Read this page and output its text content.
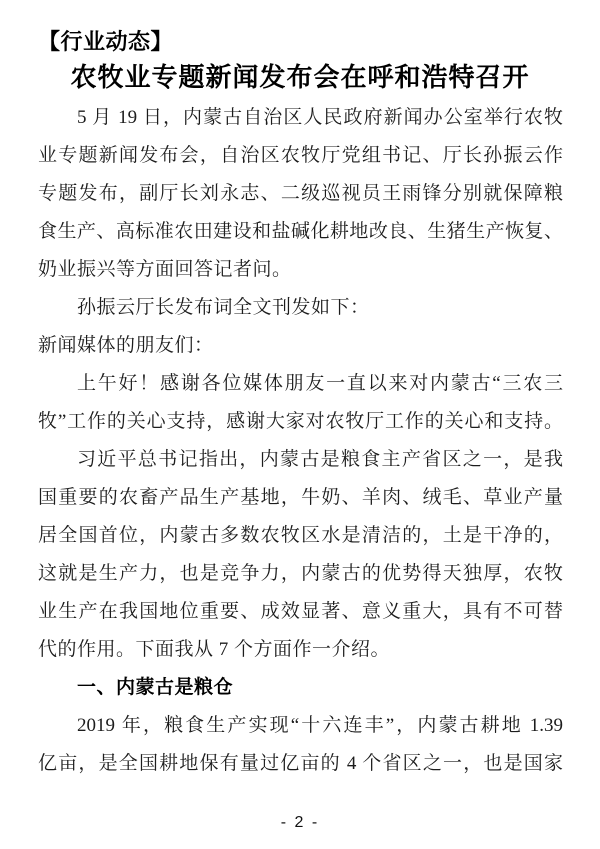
【行业动态】
农牧业专题新闻发布会在呼和浩特召开
5 月 19 日，内蒙古自治区人民政府新闻办公室举行农牧
业专题新闻发布会，自治区农牧厅党组书记、厅长孙振云作
专题发布，副厅长刘永志、二级巡视员王雨锋分别就保障粮
食生产、高标准农田建设和盐碱化耕地改良、生猪生产恢复、
奶业振兴等方面回答记者问。
孙振云厅长发布词全文刊发如下：
新闻媒体的朋友们：
上午好！感谢各位媒体朋友一直以来对内蒙古“三农三
牧”工作的关心支持，感谢大家对农牧厅工作的关心和支持。
习近平总书记指出，内蒙古是粮食主产省区之一，是我
国重要的农畜产品生产基地，牛奶、羊肉、绒毛、草业产量
居全国首位，内蒙古多数农牧区水是清洁的，土是干净的，
这就是生产力，也是竞争力，内蒙古的优势得天独厚，农牧
业生产在我国地位重要、成效显著、意义重大，具有不可替
代的作用。下面我从 7 个方面作一介绍。
一、内蒙古是粮仓
2019 年，粮食生产实现“十六连丰”，内蒙古耕地 1.39
亿亩，是全国耕地保有量过亿亩的 4 个省区之一，也是国家
- 2 -
